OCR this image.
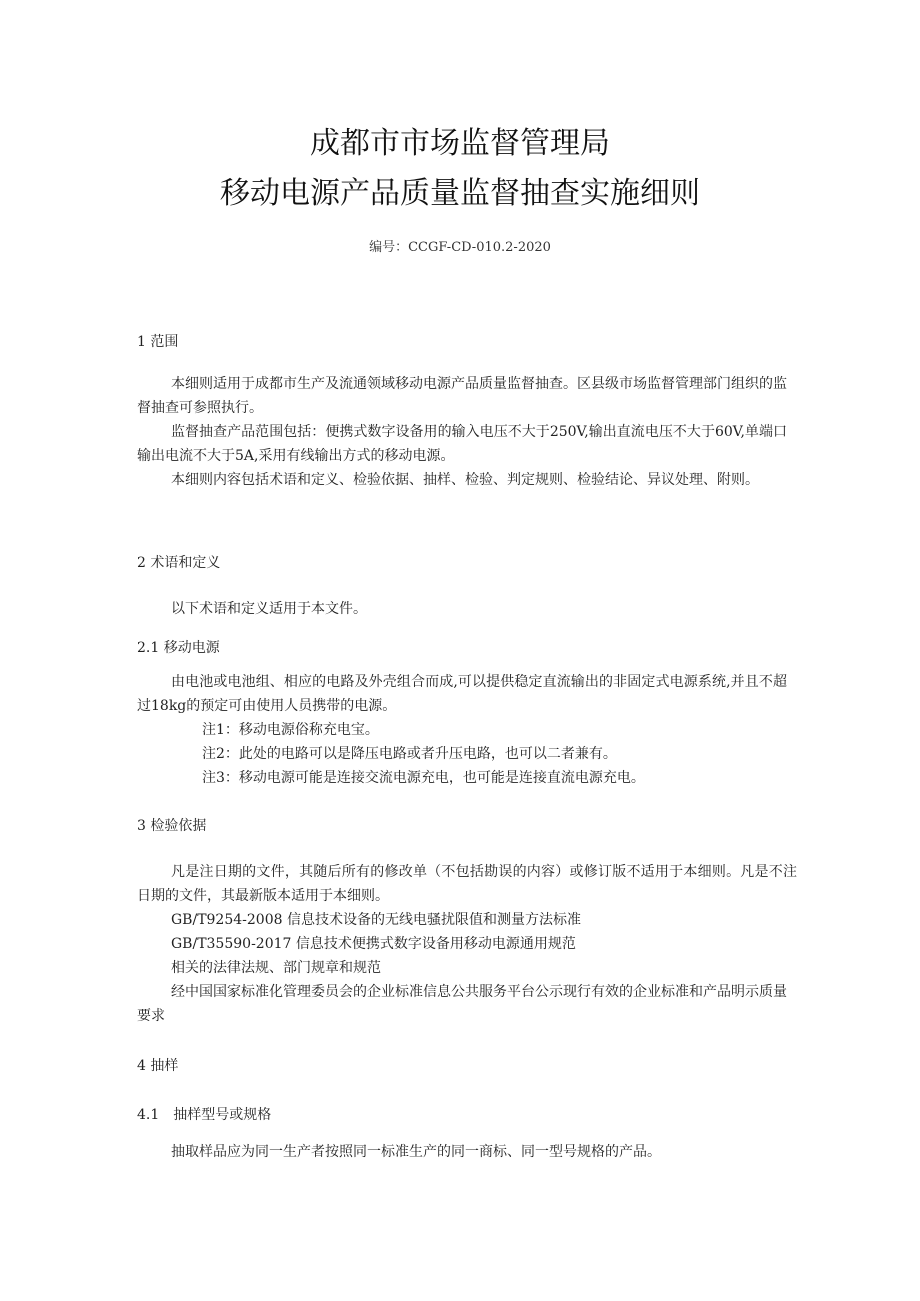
成都市市场监督管理局
移动电源产品质量监督抽查实施细则
编号：CCGF-CD-010.2-2020
1 范围
本细则适用于成都市生产及流通领域移动电源产品质量监督抽查。区县级市场监督管理部门组织的监督抽查可参照执行。
监督抽查产品范围包括：便携式数字设备用的输入电压不大于250V,输出直流电压不大于60V,单端口输出电流不大于5A,采用有线输出方式的移动电源。
本细则内容包括术语和定义、检验依据、抽样、检验、判定规则、检验结论、异议处理、附则。
2 术语和定义
以下术语和定义适用于本文件。
2.1 移动电源
由电池或电池组、相应的电路及外壳组合而成,可以提供稳定直流输出的非固定式电源系统,并且不超过18kg的预定可由使用人员携带的电源。
注1：移动电源俗称充电宝。
注2：此处的电路可以是降压电路或者升压电路，也可以二者兼有。
注3：移动电源可能是连接交流电源充电，也可能是连接直流电源充电。
3 检验依据
凡是注日期的文件，其随后所有的修改单（不包括勘误的内容）或修订版不适用于本细则。凡是不注日期的文件，其最新版本适用于本细则。
GB/T9254-2008 信息技术设备的无线电骚扰限值和测量方法标准
GB/T35590-2017 信息技术便携式数字设备用移动电源通用规范
相关的法律法规、部门规章和规范
经中国国家标准化管理委员会的企业标准信息公共服务平台公示现行有效的企业标准和产品明示质量要求
4 抽样
4.1　抽样型号或规格
抽取样品应为同一生产者按照同一标准生产的同一商标、同一型号规格的产品。
